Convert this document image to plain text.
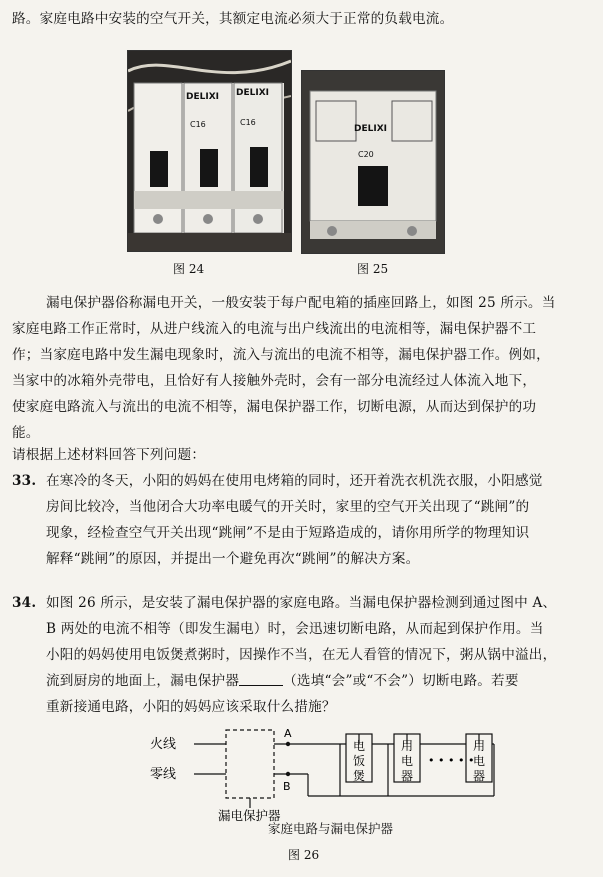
路。家庭电路中安装的空气开关，其额定电流必须大于正常的负载电流。
DELIXI DELIXI
C16	C16
DELIXI
C20
图 24	图 25
漏电保护器俗称漏电开关，一般安装于每户配电箱的插座回路上，如图 25 所示。当
家庭电路工作正常时，从进户线流入的电流与出户线流出的电流相等，漏电保护器不工
作；当家庭电路中发生漏电现象时，流入与流出的电流不相等，漏电保护器工作。例如，
当家中的冰箱外壳带电，且恰好有人接触外壳时，会有一部分电流经过人体流入地下，
使家庭电路流入与流出的电流不相等，漏电保护器工作，切断电源，从而达到保护的功
能。
请根据上述材料回答下列问题：
33. 在寒冷的冬天，小阳的妈妈在使用电烤箱的同时，还开着洗衣机洗衣服，小阳感觉
房间比较冷，当他闭合大功率电暖气的开关时，家里的空气开关出现了“跳闸”的
现象，经检查空气开关出现“跳闸”不是由于短路造成的，请你用所学的物理知识
解释“跳闸”的原因，并提出一个避免再次“跳闸”的解决方案。
34. 如图 26 所示，是安装了漏电保护器的家庭电路。当漏电保护器检测到通过图中 A、
B 两处的电流不相等（即发生漏电）时，会迅速切断电路，从而起到保护作用。当
小阳的妈妈使用电饭煲煮粥时，因操作不当，在无人看管的情况下，粥从锅中溢出，
流到厨房的地面上，漏电保护器	（选填“会”或“不会”）切断电路。若要
重新接通电路，小阳的妈妈应该采取什么措施？
火线
零线
A
B
漏电保护器
电
饭
煲
用
电
器
• • • • •
用
电
器
家庭电路与漏电保护器
图 26
